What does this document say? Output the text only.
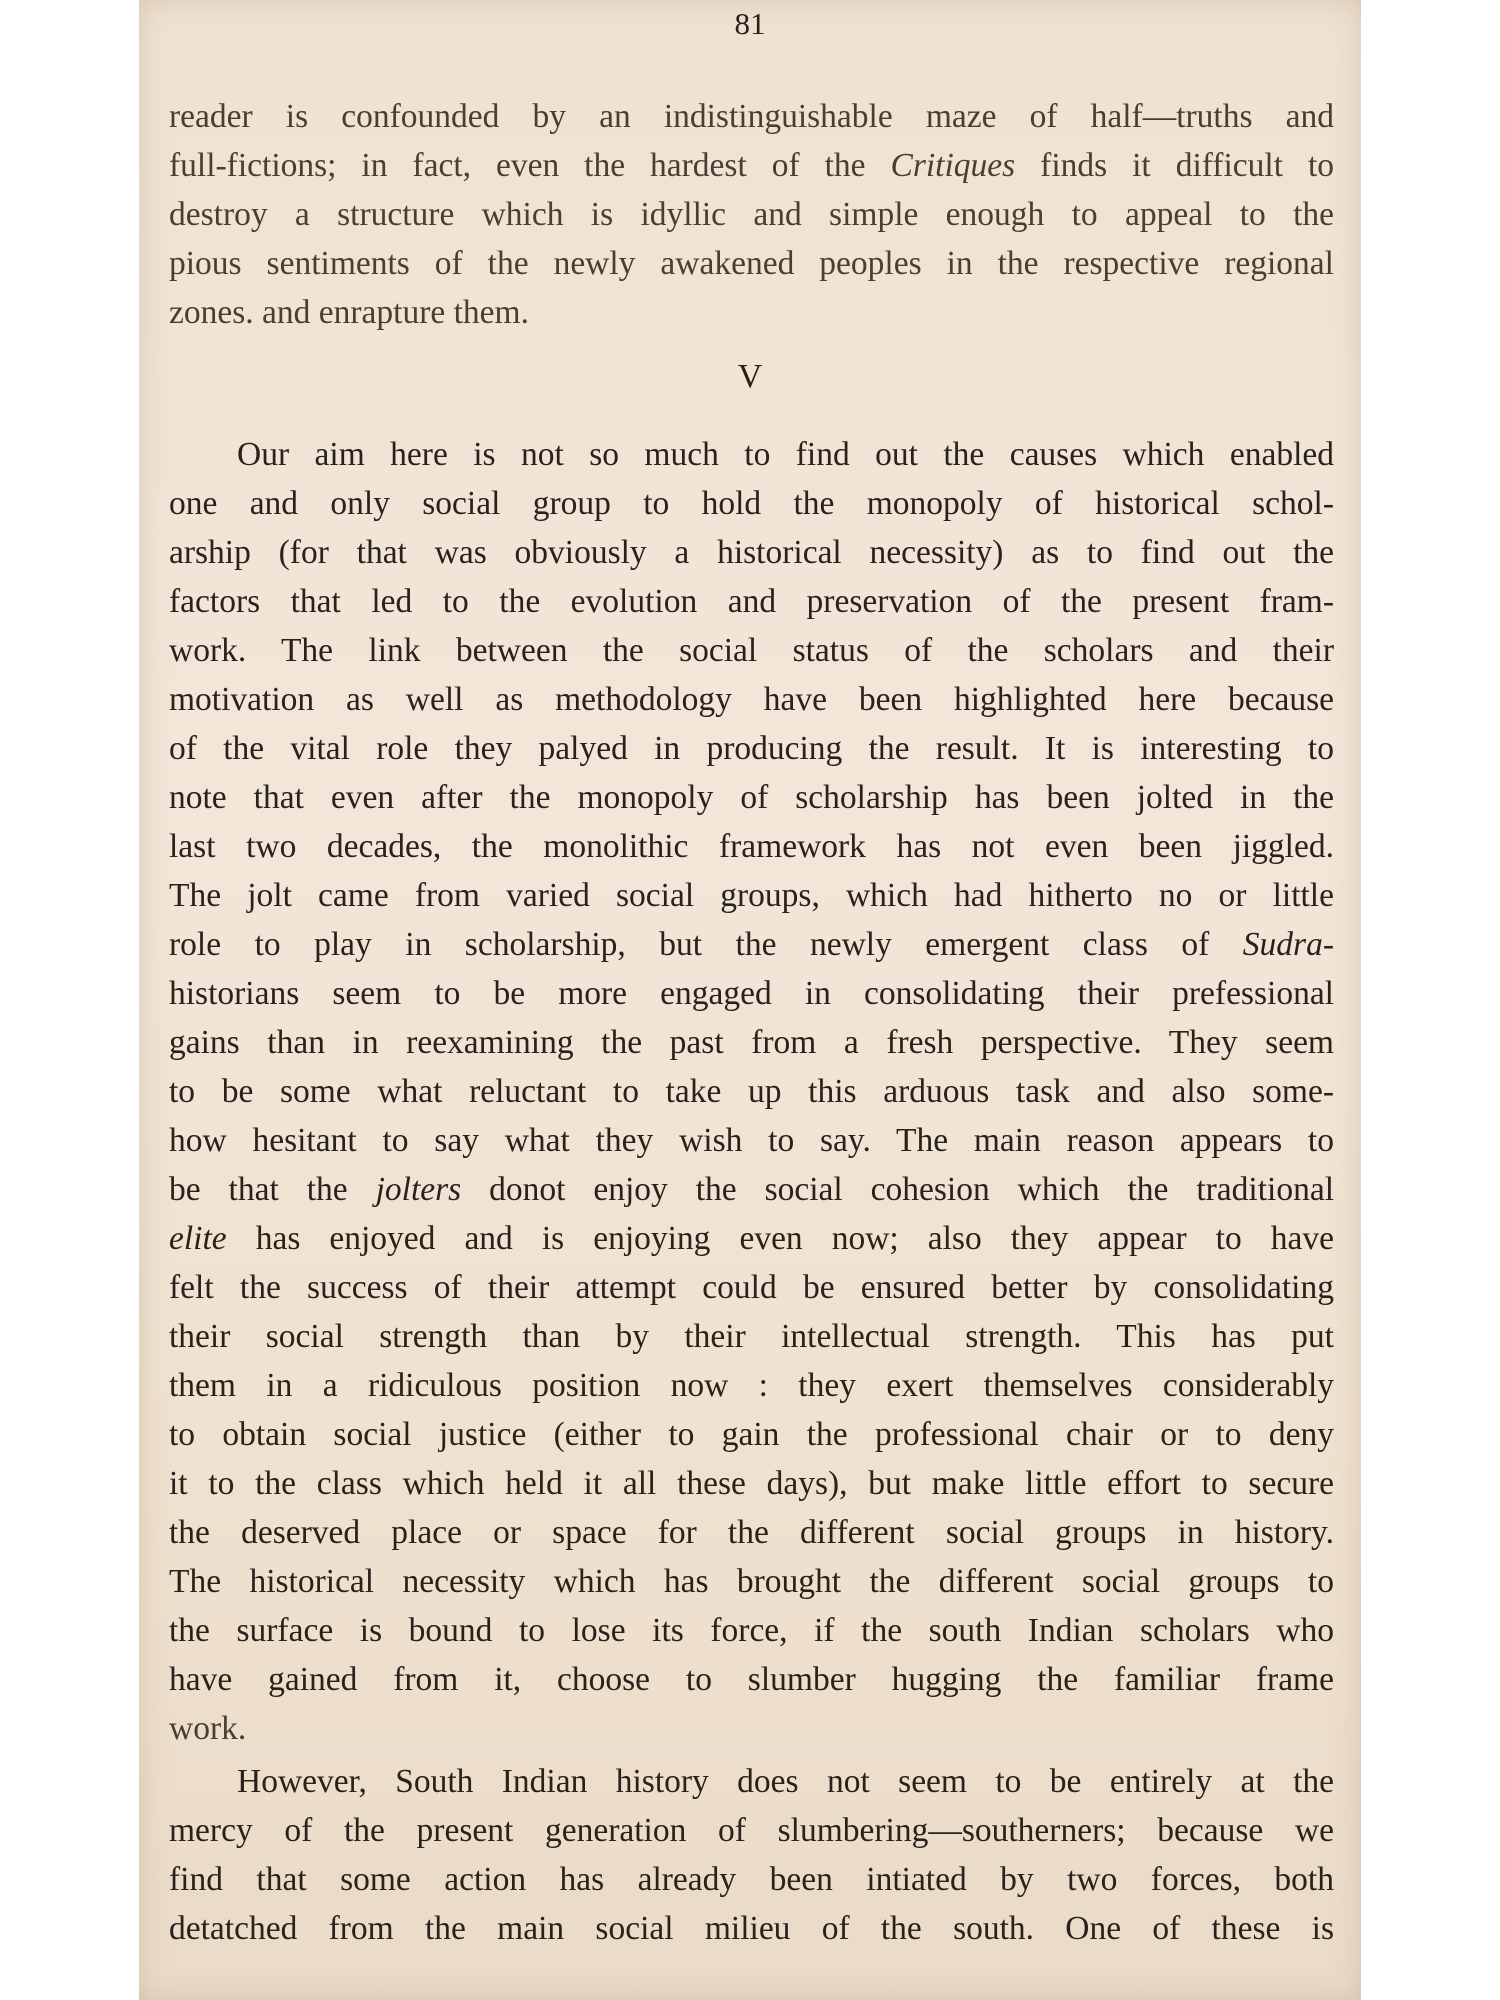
81
reader is confounded by an indistinguishable maze of half—truths and
full-fictions; in fact, even the hardest of the Critiques finds it difficult to
destroy a structure which is idyllic and simple enough to appeal to the
pious sentiments of the newly awakened peoples in the respective regional
zones. and enrapture them.
V
Our aim here is not so much to find out the causes which enabled
one and only social group to hold the monopoly of historical schol-
arship (for that was obviously a historical necessity) as to find out the
factors that led to the evolution and preservation of the present fram-
work. The link between the social status of the scholars and their
motivation as well as methodology have been highlighted here because
of the vital role they palyed in producing the result. It is interesting to
note that even after the monopoly of scholarship has been jolted in the
last two decades, the monolithic framework has not even been jiggled.
The jolt came from varied social groups, which had hitherto no or little
role to play in scholarship, but the newly emergent class of Sudra-
historians seem to be more engaged in consolidating their prefessional
gains than in reexamining the past from a fresh perspective. They seem
to be some what reluctant to take up this arduous task and also some-
how hesitant to say what they wish to say. The main reason appears to
be that the jolters donot enjoy the social cohesion which the traditional
elite has enjoyed and is enjoying even now; also they appear to have
felt the success of their attempt could be ensured better by consolidating
their social strength than by their intellectual strength. This has put
them in a ridiculous position now : they exert themselves considerably
to obtain social justice (either to gain the professional chair or to deny
it to the class which held it all these days), but make little effort to secure
the deserved place or space for the different social groups in history.
The historical necessity which has brought the different social groups to
the surface is bound to lose its force, if the south Indian scholars who
have gained from it, choose to slumber hugging the familiar frame
work.
However, South Indian history does not seem to be entirely at the
mercy of the present generation of slumbering—southerners; because we
find that some action has already been intiated by two forces, both
detatched from the main social milieu of the south. One of these is
